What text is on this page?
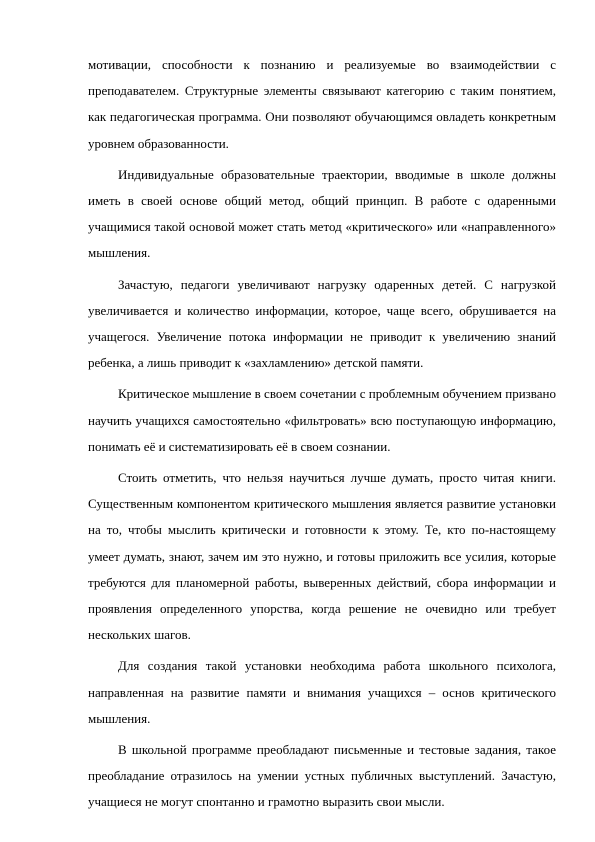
мотивации, способности к познанию и реализуемые во взаимодействии с преподавателем. Структурные элементы связывают категорию с таким понятием, как педагогическая программа. Они позволяют обучающимся овладеть конкретным уровнем образованности.

Индивидуальные образовательные траектории, вводимые в школе должны иметь в своей основе общий метод, общий принцип. В работе с одаренными учащимися такой основой может стать метод «критического» или «направленного» мышления.

Зачастую, педагоги увеличивают нагрузку одаренных детей. С нагрузкой увеличивается и количество информации, которое, чаще всего, обрушивается на учащегося. Увеличение потока информации не приводит к увеличению знаний ребенка, а лишь приводит к «захламлению» детской памяти.

Критическое мышление в своем сочетании с проблемным обучением призвано научить учащихся самостоятельно «фильтровать» всю поступающую информацию, понимать её и систематизировать её в своем сознании.

Стоить отметить, что нельзя научиться лучше думать, просто читая книги. Существенным компонентом критического мышления является развитие установки на то, чтобы мыслить критически и готовности к этому. Те, кто по-настоящему умеет думать, знают, зачем им это нужно, и готовы приложить все усилия, которые требуются для планомерной работы, выверенных действий, сбора информации и проявления определенного упорства, когда решение не очевидно или требует нескольких шагов.

Для создания такой установки необходима работа школьного психолога, направленная на развитие памяти и внимания учащихся – основ критического мышления.

В школьной программе преобладают письменные и тестовые задания, такое преобладание отразилось на умении устных публичных выступлений. Зачастую, учащиеся не могут спонтанно и грамотно выразить свои мысли.
